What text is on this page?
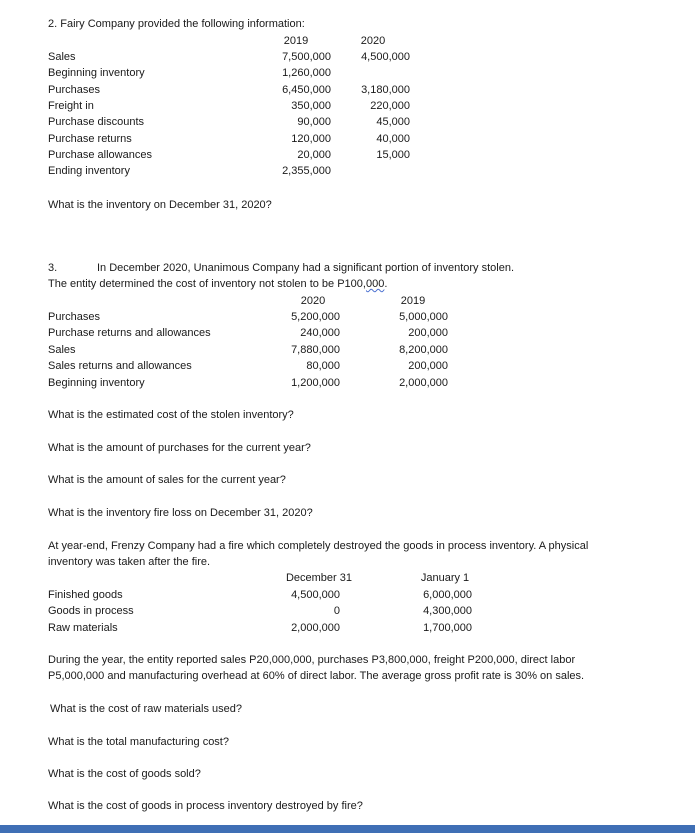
2. Fairy Company provided the following information:
3.	In December 2020, Unanimous Company had a significant portion of inventory stolen.
The entity determined the cost of inventory not stolen to be P100,000.
At year-end, Frenzy Company had a fire which completely destroyed the goods in process inventory. A physical
inventory was taken after the fire.
During the year, the entity reported sales P20,000,000, purchases P3,800,000, freight P200,000, direct labor
P5,000,000 and manufacturing overhead at 60% of direct labor. The average gross profit rate is 30% on sales.
2019	2020
Sales	7,500,000	4,500,000
Beginning inventory	1,260,000
Purchases	6,450,000	3,180,000
Freight in	350,000	220,000
Purchase discounts	90,000	45,000
Purchase returns	120,000	40,000
Purchase allowances	20,000	15,000
Ending inventory	2,355,000
What is the inventory on December 31, 2020?
2020	2019
Purchases	5,200,000	5,000,000
Purchase returns and allowances	240,000	200,000
Sales	7,880,000	8,200,000
Sales returns and allowances	80,000	200,000
Beginning inventory	1,200,000	2,000,000
What is the estimated cost of the stolen inventory?
What is the amount of purchases for the current year?
What is the amount of sales for the current year?
What is the inventory fire loss on December 31, 2020?
December 31	January 1
Finished goods	4,500,000	6,000,000
Goods in process	0	4,300,000
Raw materials	2,000,000	1,700,000
What is the cost of raw materials used?
What is the total manufacturing cost?
What is the cost of goods sold?
What is the cost of goods in process inventory destroyed by fire?
